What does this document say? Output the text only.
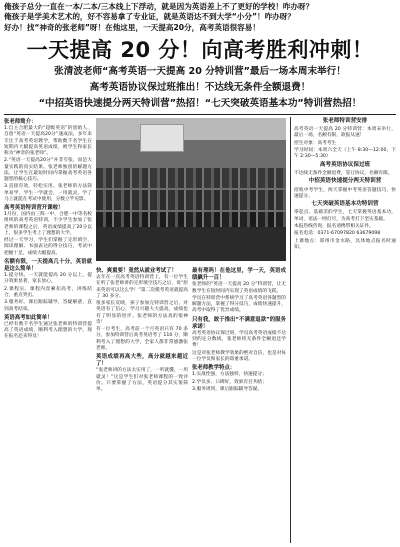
俺孩子总分一直在一本/二本/三本线上下浮动，就是因为英语差上不了更好的学校！咋办呀？
俺孩子是学美术艺术的，好不容易拿了专业证，就是英语达不到大学“小分”！咋办呀？
好办！找“神奇的张老师”呀！在他这里，一天提高20分，高考英语很容易！
一天提高 20 分！向高考胜利冲刺！
张清波老师“高考英语一天提高 20 分特训营”最后一场本周末举行！
高考英语协议保过班推出！不达线无条件全额退费！
“中招英语快速提分两天特训营”热招！“七天突破英语基本功”特训营热招！
张老师简介：

1.自主合肥最大的“超级英语”的创始人，自创“英语一天提高20分”速成法，多年来专注于高考英语教学，帮助数千名学生在短期内大幅提高英语成绩，被学生和家长称为“神奇的张老师”。

2.“英语一天提高20分”并非夸张，而是大量实践的真实结果。张老师独创的解题方法，让学生在最短时间内掌握高考英语各题型的核心技巧。

3.直接有效，轻松实用。张老师的方法简单易学，学生一学就会，一用就灵，学了马上就能在考试中使用，分数立竿见影。

高考英语特训营开课啦！

1月份，国内由三辉一中、合肥一中等名校组织的高考英语特训，不少学生参加了张老师的课程之后，英语成绩提高了20分以上，很多学生考上了理想的大学。

经过一天学习，学生们掌握了完形填空、阅读理解、书面表达的得分技巧，考试中把握十足，成绩大幅提高。

名额有限，一天提高几十分，英语就是这么简单！

1.提分快。一天就能提高 20 分以上，提分效果显著，家长放心。

2.课程实。课程内容紧扣高考，讲练结合，重点突出。

3.服务好。课后跟踪辅导，答疑解惑，直到高考结束。

英语高考如此简单！

已经有数千名学生通过张老师的特训营提高了英语成绩，顺利考入理想的大学。现在报名还来得及！

快、爽重要！竟然从就业考试了！

去年在一次高考英语特训营上，有一位学生在听了张老师讲的完形填空技巧之后，说“原来英语可以这么学！”第二次模考英语就提高了 30 多分。

很多家长反映，孩子参加完特训营之后，对英语有了信心，学习兴趣大大提高，成绩也有了明显的进步。张老师的方法真的很神奇！

有一位考生，高考前一个月英语只有 70 多分，参加特训营后高考英语考了 110 分，顺利考入了理想的大学，全家人都非常感激张老师。

英语成绩再高大些，高分就越来越近了！

“张老师讲的方法太实用了，一听就懂，一用就灵！”这是学生们对张老师课程的一致评价。只要掌握了方法，英语提分其实很简单。

最有理吗！在他这里，学一天，英语成绩飙升一百！

张老师的“英语一天提高 20 分”特训营，让无数学生在短时间内实现了英语成绩的飞跃。

学员在特训营中系统学习了高考英语各题型的解题方法，掌握了得分技巧，成绩快速提升，高考中取得了优异成绩。

只有我，敢于推出“不满意退款”的服务承诺！

高考英语协议保过班，学员高考英语成绩不达到约定分数线，张老师将无条件全额退还学费！

这是对张老师教学效果的绝对自信，也是对每一位学员和家长的郑重承诺。

张老师教学特点：

1.实战性强，方法独特，快速提分；

2.学员多，口碑好，效果有目共睹；

3.服务周到，课后跟踪辅导答疑。

张老师特训营安排

高考英语一天提高 20 分特训营：本周末举行，最后一场，名额有限，欲报从速！

招生对象：高考考生

学习时间：本周六全天（上午 8:30—12:00，下午 2:30—5:30）

高考英语协议保过班

不达线无条件全额退费，签订协议，名额有限。

中招英语快速提分两天特训营

招收中考学生，两天掌握中考英语答题技巧，快速提分。

七天突破英语基本功特训营

零起点、基础差的学生，七天掌握英语基本功，单词、语法一网打尽，为高考打下坚实基础。

本报热线咨询，报名请携带相关证件。

报名电话：0371-67097820 63679098

上课地点：郑州市金水路，具体地点报名时通知。
